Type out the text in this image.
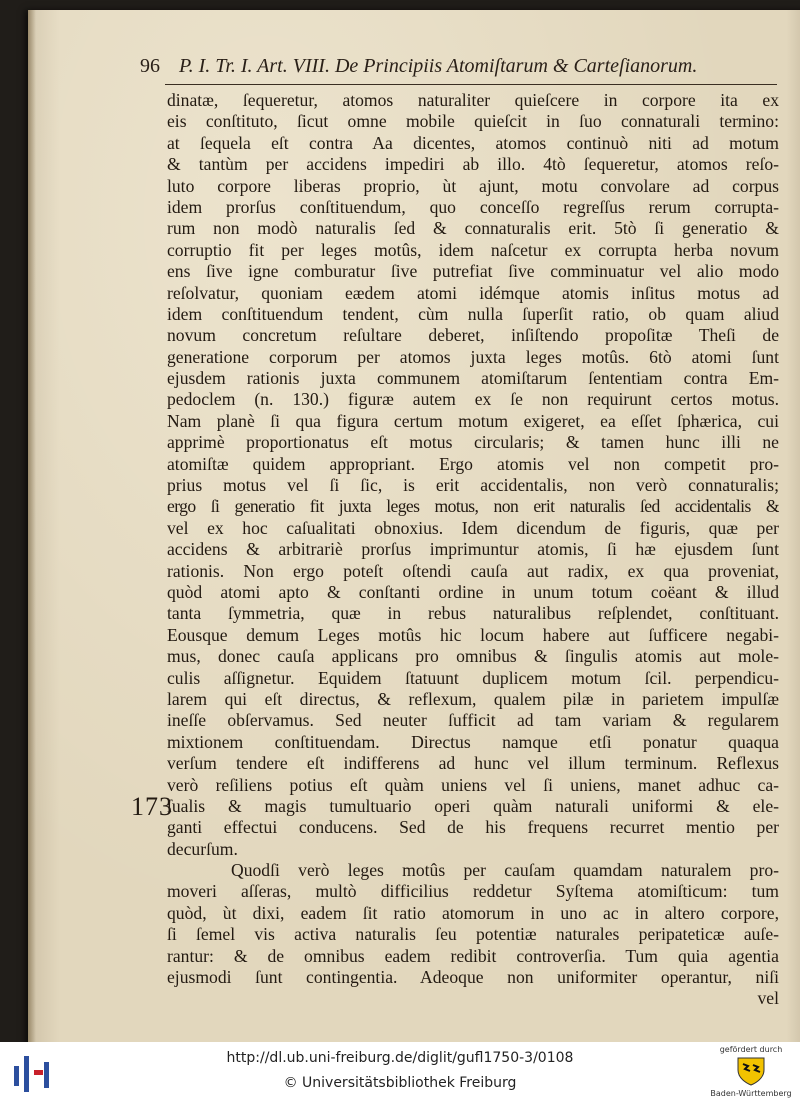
96 P. I. Tr. I. Art. VIII. De Principiis Atomiſtarum & Carteſianorum.
dinatæ, ſequeretur, atomos naturaliter quieſcere in corpore ita ex
eis conſtituto, ſicut omne mobile quieſcit in ſuo connaturali termino:
at ſequela eſt contra Aa dicentes, atomos continuò niti ad motum
& tantùm per accidens impediri ab illo. 4tò ſequeretur, atomos reſo-
luto corpore liberas proprio, ùt ajunt, motu convolare ad corpus
idem prorſus conſtituendum, quo conceſſo regreſſus rerum corrupta-
rum non modò naturalis ſed & connaturalis erit. 5tò ſi generatio &
corruptio fit per leges motûs, idem naſcetur ex corrupta herba novum
ens ſive igne comburatur ſive putrefiat ſive comminuatur vel alio modo
reſolvatur, quoniam eædem atomi idémque atomis inſitus motus ad
idem conſtituendum tendent, cùm nulla ſuperſit ratio, ob quam aliud
novum concretum reſultare deberet, inſiſtendo propoſitæ Theſi de
generatione corporum per atomos juxta leges motûs. 6tò atomi ſunt
ejusdem rationis juxta communem atomiſtarum ſententiam contra Em-
pedoclem (n. 130.) figuræ autem ex ſe non requirunt certos motus.
Nam planè ſi qua figura certum motum exigeret, ea eſſet ſphærica, cui
apprimè proportionatus eſt motus circularis; & tamen hunc illi ne
atomiſtæ quidem appropriant. Ergo atomis vel non competit pro-
prius motus vel ſi ſic, is erit accidentalis, non verò connaturalis;
ergo ſi generatio fit juxta leges motus, non erit naturalis ſed accidentalis &
vel ex hoc caſualitati obnoxius. Idem dicendum de figuris, quæ per
accidens & arbitrariè prorſus imprimuntur atomis, ſi hæ ejusdem ſunt
rationis. Non ergo poteſt oſtendi cauſa aut radix, ex qua proveniat,
quòd atomi apto & conſtanti ordine in unum totum coëant & illud
tanta ſymmetria, quæ in rebus naturalibus reſplendet, conſtituant.
Eousque demum Leges motûs hic locum habere aut ſufficere negabi-
mus, donec cauſa applicans pro omnibus & ſingulis atomis aut mole-
culis aſſignetur. Equidem ſtatuunt duplicem motum ſcil. perpendicu-
larem qui eſt directus, & reflexum, qualem pilæ in parietem impulſæ
ineſſe obſervamus. Sed neuter ſufficit ad tam variam & regularem
mixtionem conſtituendam. Directus namque etſi ponatur quaqua
verſum tendere eſt indifferens ad hunc vel illum terminum. Reflexus
verò reſiliens potius eſt quàm uniens vel ſi uniens, manet adhuc ca-
ſualis & magis tumultuario operi quàm naturali uniformi & ele-
ganti effectui conducens. Sed de his frequens recurret mentio per
decurſum.
Quodſi verò leges motûs per cauſam quamdam naturalem pro-
moveri aſſeras, multò difficilius reddetur Syſtema atomiſticum: tum
quòd, ùt dixi, eadem ſit ratio atomorum in uno ac in altero corpore,
ſi ſemel vis activa naturalis ſeu potentiæ naturales peripateticæ auſe-
rantur: & de omnibus eadem redibit controverſia. Tum quia agentia
ejusmodi ſunt contingentia. Adeoque non uniformiter operantur, niſi
vel
173
http://dl.ub.uni-freiburg.de/diglit/gufl1750-3/0108
© Universitätsbibliothek Freiburg
gefördert durch
Baden-Württemberg
